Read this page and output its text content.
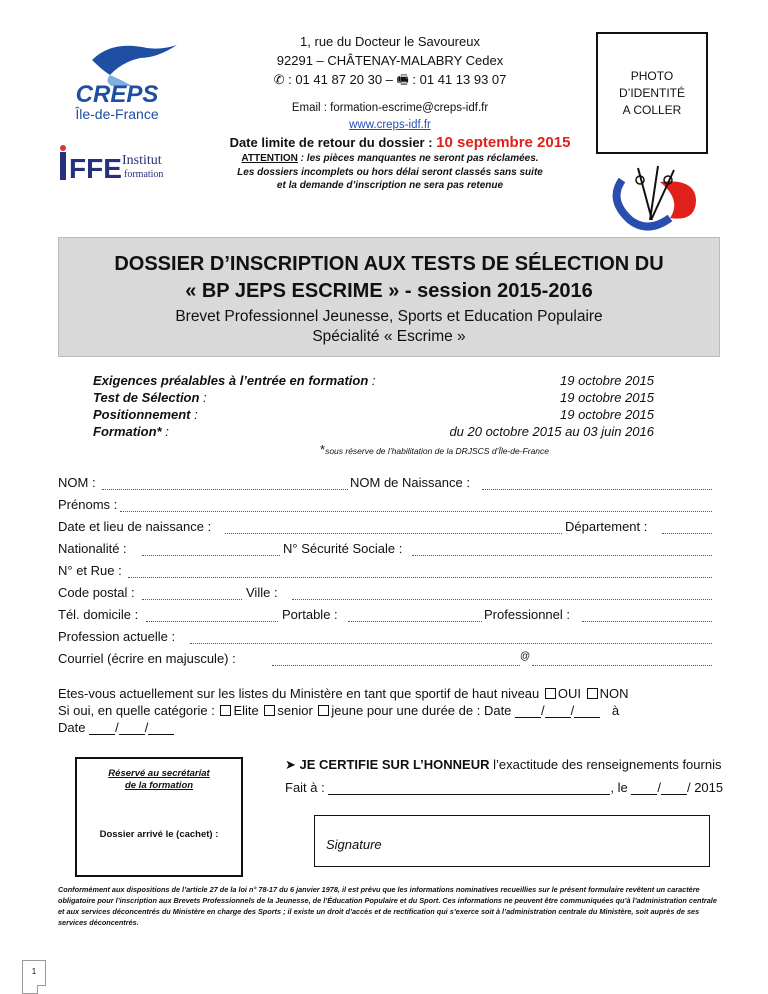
CREPS
Île-de-France
FFE Institut
formation
1, rue du Docteur le Savoureux
92291 – CHÂTENAY-MALABRY Cedex
✆ : 01 41 87 20 30 – 🖷 : 01 41 13 93 07
Email : formation-escrime@creps-idf.fr
www.creps-idf.fr
Date limite de retour du dossier : 10 septembre 2015
ATTENTION : les pièces manquantes ne seront pas réclamées.
Les dossiers incomplets ou hors délai seront classés sans suite
et la demande d’inscription ne sera pas retenue
PHOTO
D’IDENTITÉ
A COLLER
DOSSIER D’INSCRIPTION AUX TESTS DE SÉLECTION DU
« BP JEPS ESCRIME » - session 2015-2016
Brevet Professionnel Jeunesse, Sports et Education Populaire
Spécialité « Escrime »
Exigences préalables à l’entrée en formation :	19 octobre 2015
Test de Sélection :	19 octobre 2015
Positionnement :	19 octobre 2015
Formation* :	du 20 octobre 2015 au 03 juin 2016
*sous réserve de l’habilitation de la DRJSCS d’Île-de-France
NOM :	NOM de Naissance :
Prénoms :
Date et lieu de naissance :	Département :
Nationalité :	N° Sécurité Sociale :
N° et Rue :
Code postal :	Ville :
Tél. domicile :	Portable :	Professionnel :
Profession actuelle :
Courriel (écrire en majuscule) :	@
Etes-vous actuellement sur les listes du Ministère en tant que sportif de haut niveau OUI NON
Si oui, en quelle catégorie : Elite senior jeune pour une durée de : Date / /	à
Date / /
Réservé au secrétariat
de la formation
Dossier arrivé le (cachet) :
➤ JE CERTIFIE SUR L’HONNEUR l’exactitude des renseignements fournis
Fait à :	, le / / 2015
Signature
Conformément aux dispositions de l’article 27 de la loi n° 78-17 du 6 janvier 1978, il est prévu que les informations nominatives recueillies sur le présent formulaire revêtent un caractère obligatoire pour l’inscription aux Brevets Professionnels de la Jeunesse, de l’Éducation Populaire et du Sport. Ces informations ne peuvent être communiquées qu’à l’administration centrale et aux services déconcentrés du Ministère en charge des Sports ; il existe un droit d’accès et de rectification qui s’exerce soit à l’administration centrale du Ministère, soit auprès de ses services déconcentrés.
1
